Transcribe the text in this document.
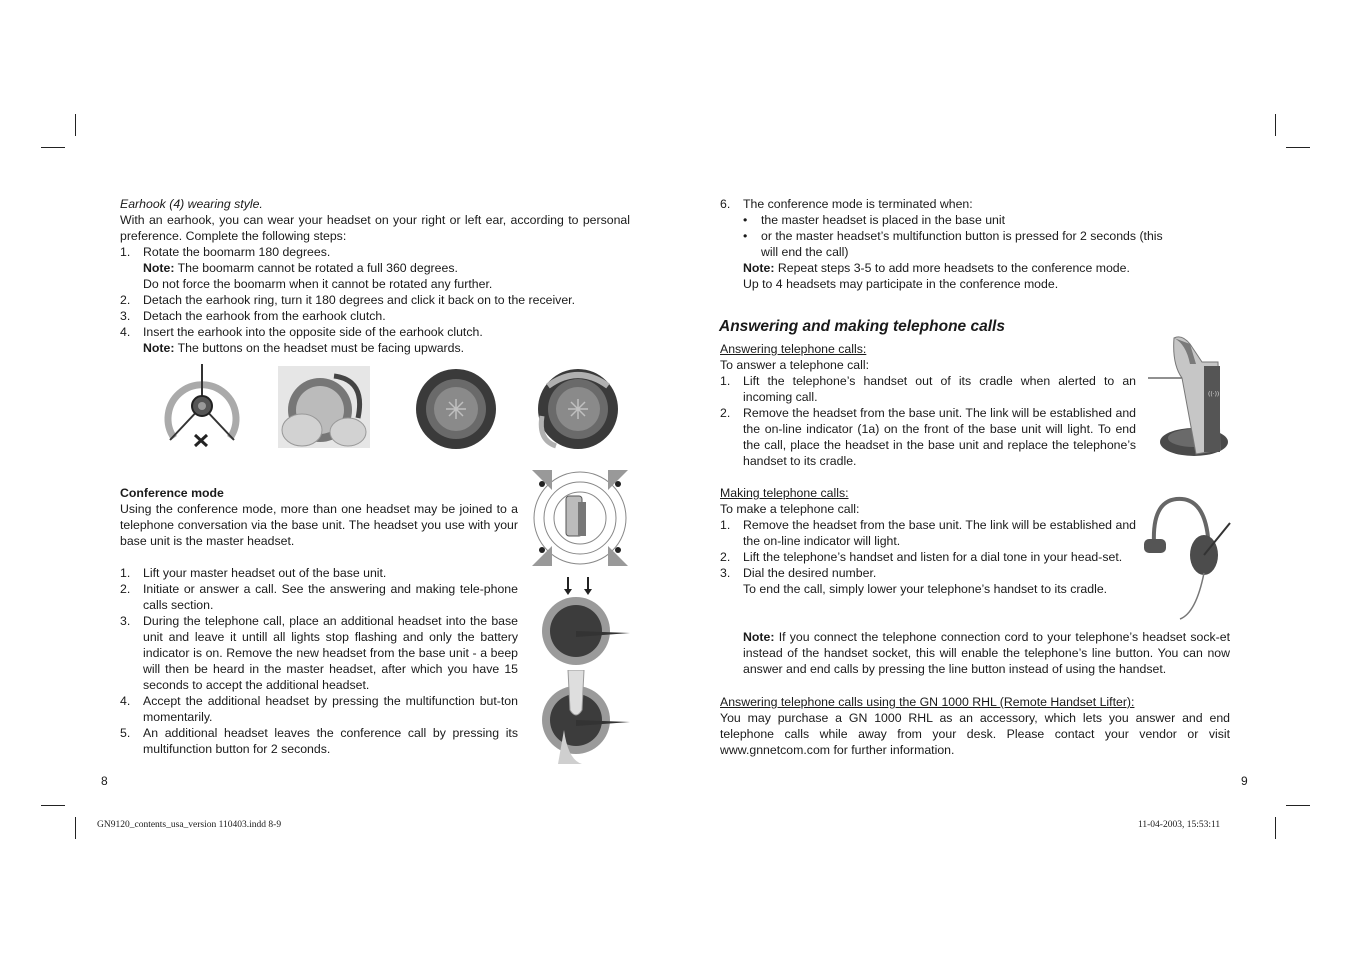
Earhook (4) wearing style.

With an earhook, you can wear your headset on your right or left ear, according to personal preference. Complete the following steps:

1. Rotate the boomarm 180 degrees.
Note: The boomarm cannot be rotated a full 360 degrees.
Do not force the boomarm when it cannot be rotated any further.
2. Detach the earhook ring, turn it 180 degrees and click it back on to the receiver.
3. Detach the earhook from the earhook clutch.
4. Insert the earhook into the opposite side of the earhook clutch.
Note: The buttons on the headset must be facing upwards.

Conference mode

Using the conference mode, more than one headset may be joined to a telephone conversation via the base unit. The headset you use with your base unit is the master headset.

1. Lift your master headset out of the base unit.
2. Initiate or answer a call. See the answering and making tele-phone calls section.
3. During the telephone call, place an additional headset into the base unit and leave it untill all lights stop flashing and only the battery indicator is on. Remove the new headset from the base unit - a beep will then be heard in the master headset, after which you have 15 seconds to accept the additional headset.
4. Accept the additional headset by pressing the multifunction but-ton momentarily.
5. An additional headset leaves the conference call by pressing its multifunction button for 2 seconds.
8
6. The conference mode is terminated when:
• the master headset is placed in the base unit
• or the master headset’s multifunction button is pressed for 2 seconds (this will end the call)
Note: Repeat steps 3-5 to add more headsets to the conference mode.
Up to 4 headsets may participate in the conference mode.
Answering and making telephone calls

Answering telephone calls:

To answer a telephone call:

1. Lift the telephone’s handset out of its cradle when alerted to an incoming call.
2. Remove the headset from the base unit. The link will be established and the on-line indicator (1a) on the front of the base unit will light. To end the call, place the headset in the base unit and replace the telephone’s handset to its cradle.
((·))

Making telephone calls:

To make a telephone call:

1. Remove the headset from the base unit. The link will be established and the on-line indicator will light.
2. Lift the telephone’s handset and listen for a dial tone in your head-set.
3. Dial the desired number.
To end the call, simply lower your telephone’s handset to its cradle.
Note: If you connect the telephone connection cord to your telephone’s headset sock-et instead of the handset socket, this will enable the telephone’s line button. You can now answer and end calls by pressing the line button instead of using the handset.

Answering telephone calls using the GN 1000 RHL (Remote Handset Lifter):

You may purchase a GN 1000 RHL as an accessory, which lets you answer and end telephone calls while away from your desk. Please contact your vendor or visit www.gnnetcom.com for further information.

9
GN9120_contents_usa_version 110403.indd 8-9	11-04-2003, 15:53:11
